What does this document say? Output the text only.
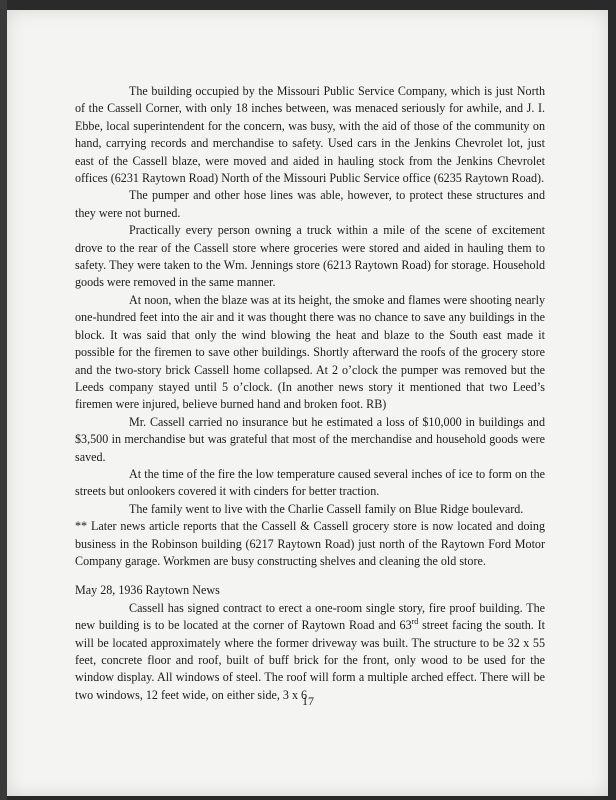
The building occupied by the Missouri Public Service Company, which is just North of the Cassell Corner, with only 18 inches between, was menaced seriously for awhile, and J. I. Ebbe, local superintendent for the concern, was busy, with the aid of those of the community on hand, carrying records and merchandise to safety. Used cars in the Jenkins Chevrolet lot, just east of the Cassell blaze, were moved and aided in hauling stock from the Jenkins Chevrolet offices (6231 Raytown Road) North of the Missouri Public Service office (6235 Raytown Road).

The pumper and other hose lines was able, however, to protect these structures and they were not burned.

Practically every person owning a truck within a mile of the scene of excitement drove to the rear of the Cassell store where groceries were stored and aided in hauling them to safety. They were taken to the Wm. Jennings store (6213 Raytown Road) for storage. Household goods were removed in the same manner.

At noon, when the blaze was at its height, the smoke and flames were shooting nearly one-hundred feet into the air and it was thought there was no chance to save any buildings in the block. It was said that only the wind blowing the heat and blaze to the South east made it possible for the firemen to save other buildings. Shortly afterward the roofs of the grocery store and the two-story brick Cassell home collapsed. At 2 o’clock the pumper was removed but the Leeds company stayed until 5 o’clock. (In another news story it mentioned that two Leed’s firemen were injured, believe burned hand and broken foot. RB)

Mr. Cassell carried no insurance but he estimated a loss of $10,000 in buildings and $3,500 in merchandise but was grateful that most of the merchandise and household goods were saved.

At the time of the fire the low temperature caused several inches of ice to form on the streets but onlookers covered it with cinders for better traction.

The family went to live with the Charlie Cassell family on Blue Ridge boulevard.

** Later news article reports that the Cassell & Cassell grocery store is now located and doing business in the Robinson building (6217 Raytown Road) just north of the Raytown Ford Motor Company garage. Workmen are busy constructing shelves and cleaning the old store.

May 28, 1936 Raytown News

Cassell has signed contract to erect a one-room single story, fire proof building. The new building is to be located at the corner of Raytown Road and 63rd street facing the south. It will be located approximately where the former driveway was built. The structure to be 32 x 55 feet, concrete floor and roof, built of buff brick for the front, only wood to be used for the window display. All windows of steel. The roof will form a multiple arched effect. There will be two windows, 12 feet wide, on either side, 3 x 6

17
